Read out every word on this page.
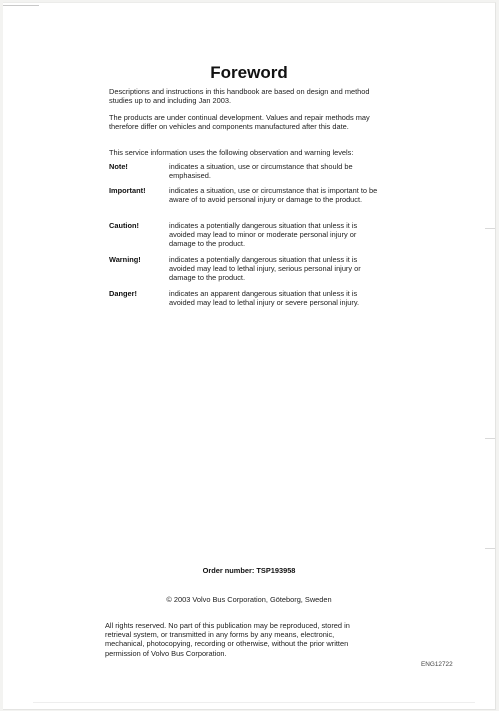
Foreword
Descriptions and instructions in this handbook are based on design and method studies up to and including Jan 2003.
The products are under continual development. Values and repair methods may therefore differ on vehicles and components manufactured after this date.
This service information uses the following observation and warning levels:
Note!	indicates a situation, use or circumstance that should be emphasised.
Important!	indicates a situation, use or circumstance that is important to be aware of to avoid personal injury or damage to the product.
Caution!	indicates a potentially dangerous situation that unless it is avoided may lead to minor or moderate personal injury or damage to the product.
Warning!	indicates a potentially dangerous situation that unless it is avoided may lead to lethal injury, serious personal injury or damage to the product.
Danger!	indicates an apparent dangerous situation that unless it is avoided may lead to lethal injury or severe personal injury.
Order number: TSP193958
© 2003 Volvo Bus Corporation, Göteborg, Sweden
All rights reserved. No part of this publication may be reproduced, stored in retrieval system, or transmitted in any forms by any means, electronic, mechanical, photocopying, recording or otherwise, without the prior written permission of Volvo Bus Corporation.
ENG12722
